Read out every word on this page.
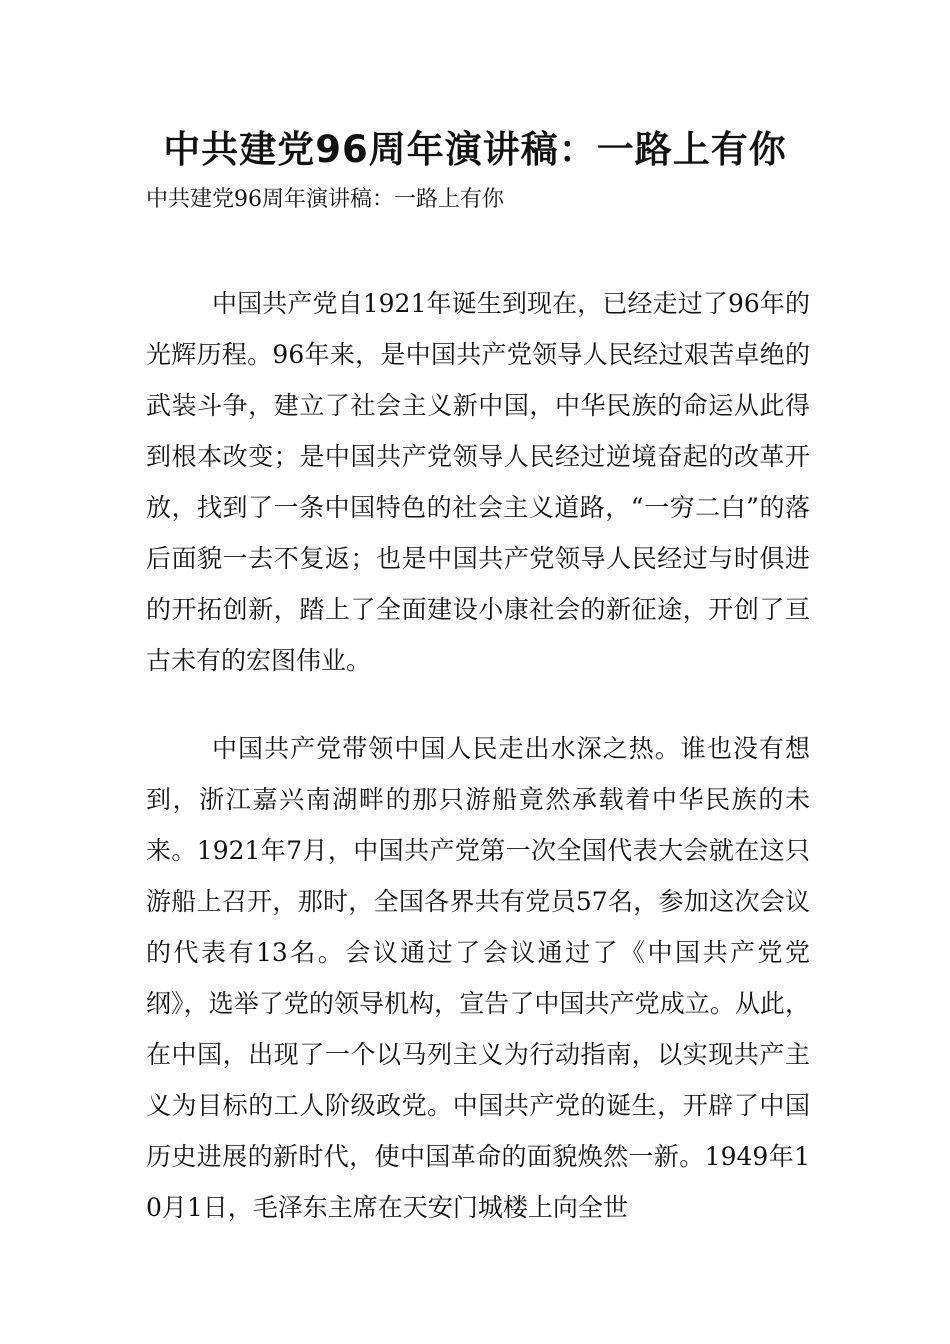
中共建党96周年演讲稿：一路上有你

中共建党96周年演讲稿：一路上有你

中国共产党自1921年诞生到现在，已经走过了96年的光辉历程。96年来，是中国共产党领导人民经过艰苦卓绝的武装斗争，建立了社会主义新中国，中华民族的命运从此得到根本改变；是中国共产党领导人民经过逆境奋起的改革开放，找到了一条中国特色的社会主义道路，“一穷二白”的落后面貌一去不复返；也是中国共产党领导人民经过与时俱进的开拓创新，踏上了全面建设小康社会的新征途，开创了亘古未有的宏图伟业。

中国共产党带领中国人民走出水深之热。谁也没有想到，浙江嘉兴南湖畔的那只游船竟然承载着中华民族的未来。1921年7月，中国共产党第一次全国代表大会就在这只游船上召开，那时，全国各界共有党员57名，参加这次会议的代表有13名。会议通过了会议通过了《中国共产党党纲》，选举了党的领导机构，宣告了中国共产党成立。从此，在中国，出现了一个以马列主义为行动指南，以实现共产主义为目标的工人阶级政党。中国共产党的诞生，开辟了中国历史进展的新时代，使中国革命的面貌焕然一新。1949年10月1日，毛泽东主席在天安门城楼上向全世
